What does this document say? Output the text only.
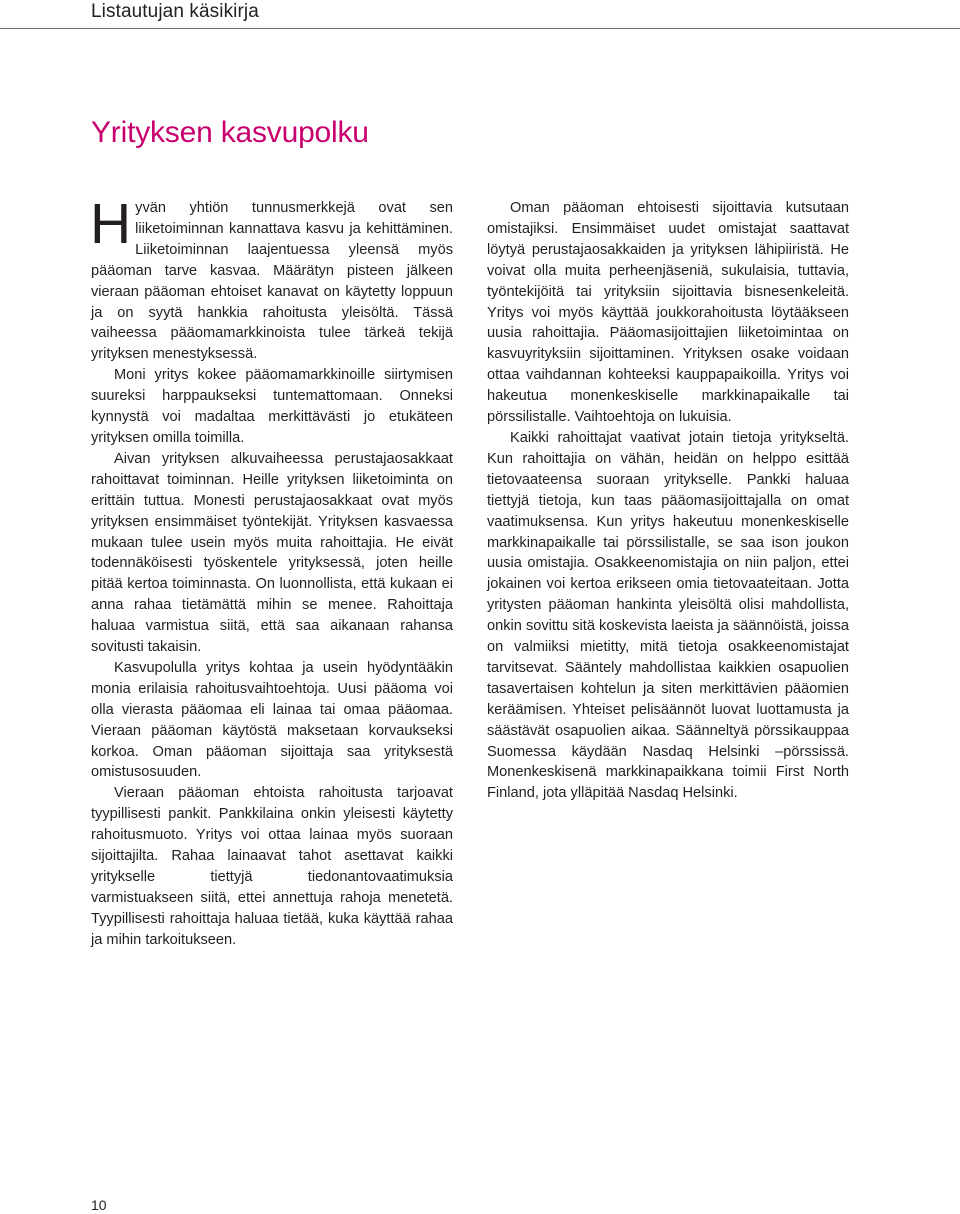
Listautujan käsikirja
Yrityksen kasvupolku

Hyvän yhtiön tunnusmerkkejä ovat sen liiketoiminnan kannattava kasvu ja kehittäminen. Liiketoiminnan laajentuessa yleensä myös pääoman tarve kasvaa. Määrätyn pisteen jälkeen vieraan pääoman ehtoiset kanavat on käytetty loppuun ja on syytä hankkia rahoitusta yleisöltä. Tässä vaiheessa pääomamarkkinoista tulee tärkeä tekijä yrityksen menestyksessä.

Moni yritys kokee pääomamarkkinoille siirtymisen suureksi harppaukseksi tuntemattomaan. Onneksi kynnystä voi madaltaa merkittävästi jo etukäteen yrityksen omilla toimilla.

Aivan yrityksen alkuvaiheessa perustajaosakkaat rahoittavat toiminnan. Heille yrityksen liiketoiminta on erittäin tuttua. Monesti perustajaosakkaat ovat myös yrityksen ensimmäiset työntekijät. Yrityksen kasvaessa mukaan tulee usein myös muita rahoittajia. He eivät todennäköisesti työskentele yrityksessä, joten heille pitää kertoa toiminnasta. On luonnollista, että kukaan ei anna rahaa tietämättä mihin se menee. Rahoittaja haluaa varmistua siitä, että saa aikanaan rahansa sovitusti takaisin.

Kasvupolulla yritys kohtaa ja usein hyödyntääkin monia erilaisia rahoitusvaihtoehtoja. Uusi pääoma voi olla vierasta pääomaa eli lainaa tai omaa pääomaa. Vieraan pääoman käytöstä maksetaan korvaukseksi korkoa. Oman pääoman sijoittaja saa yrityksestä omistusosuuden.

Vieraan pääoman ehtoista rahoitusta tarjoavat tyypillisesti pankit. Pankkilaina onkin yleisesti käytetty rahoitusmuoto. Yritys voi ottaa lainaa myös suoraan sijoittajilta. Rahaa lainaavat tahot asettavat kaikki yritykselle tiettyjä tiedonantovaatimuksia varmistuakseen siitä, ettei annettuja rahoja menetetä. Tyypillisesti rahoittaja haluaa tietää, kuka käyttää rahaa ja mihin tarkoitukseen.

Oman pääoman ehtoisesti sijoittavia kutsutaan omistajiksi. Ensimmäiset uudet omistajat saattavat löytyä perustajaosakkaiden ja yrityksen lähipiiristä. He voivat olla muita perheenjäseniä, sukulaisia, tuttavia, työntekijöitä tai yrityksiin sijoittavia bisnesenkeleitä. Yritys voi myös käyttää joukkorahoitusta löytääkseen uusia rahoittajia. Pääomasijoittajien liiketoimintaa on kasvuyrityksiin sijoittaminen. Yrityksen osake voidaan ottaa vaihdannan kohteeksi kauppapaikoilla. Yritys voi hakeutua monenkeskiselle markkinapaikalle tai pörssilistalle. Vaihtoehtoja on lukuisia.

Kaikki rahoittajat vaativat jotain tietoja yritykseltä. Kun rahoittajia on vähän, heidän on helppo esittää tietovaateensa suoraan yritykselle. Pankki haluaa tiettyjä tietoja, kun taas pääomasijoittajalla on omat vaatimuksensa. Kun yritys hakeutuu monenkeskiselle markkinapaikalle tai pörssilistalle, se saa ison joukon uusia omistajia. Osakkeenomistajia on niin paljon, ettei jokainen voi kertoa erikseen omia tietovaateitaan. Jotta yritysten pääoman hankinta yleisöltä olisi mahdollista, onkin sovittu sitä koskevista laeista ja säännöistä, joissa on valmiiksi mietitty, mitä tietoja osakkeenomistajat tarvitsevat. Sääntely mahdollistaa kaikkien osapuolien tasavertaisen kohtelun ja siten merkittävien pääomien keräämisen. Yhteiset pelisäännöt luovat luottamusta ja säästävät osapuolien aikaa. Säänneltyä pörssikauppaa Suomessa käydään Nasdaq Helsinki –pörssissä. Monenkeskisenä markkinapaikkana toimii First North Finland, jota ylläpitää Nasdaq Helsinki.

10
